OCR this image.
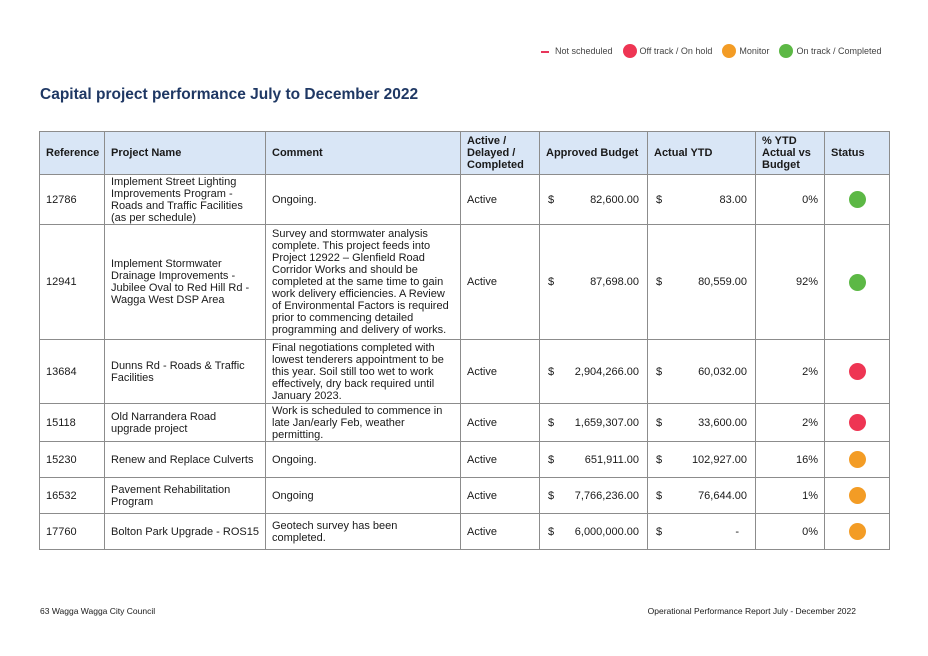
Not scheduled	Off track / On hold	Monitor	On track / Completed
Capital project performance July to December 2022
Reference	Project Name	Comment	Active / Delayed / Completed	Approved Budget	Actual YTD	% YTD Actual vs Budget	Status
12786	Implement Street Lighting Improvements Program - Roads and Traffic Facilities (as per schedule)	Ongoing.	Active	$ 82,600.00	$ 83.00	0%	
12941	Implement Stormwater Drainage Improvements - Jubilee Oval to Red Hill Rd - Wagga West DSP Area	Survey and stormwater analysis complete. This project feeds into Project 12922 – Glenfield Road Corridor Works and should be completed at the same time to gain work delivery efficiencies. A Review of Environmental Factors is required prior to commencing detailed programming and delivery of works.	Active	$ 87,698.00	$ 80,559.00	92%	
13684	Dunns Rd - Roads & Traffic Facilities	Final negotiations completed with lowest tenderers appointment to be this year. Soil still too wet to work effectively, dry back required until January 2023.	Active	$ 2,904,266.00	$ 60,032.00	2%	
15118	Old Narrandera Road upgrade project	Work is scheduled to commence in late Jan/early Feb, weather permitting.	Active	$ 1,659,307.00	$ 33,600.00	2%	
15230	Renew and Replace Culverts	Ongoing.	Active	$ 651,911.00	$ 102,927.00	16%	
16532	Pavement Rehabilitation Program	Ongoing	Active	$ 7,766,236.00	$ 76,644.00	1%	
17760	Bolton Park Upgrade - ROS15	Geotech survey has been completed.	Active	$ 6,000,000.00	$ -	0%	
63 Wagga Wagga City Council	Operational Performance Report July - December 2022
